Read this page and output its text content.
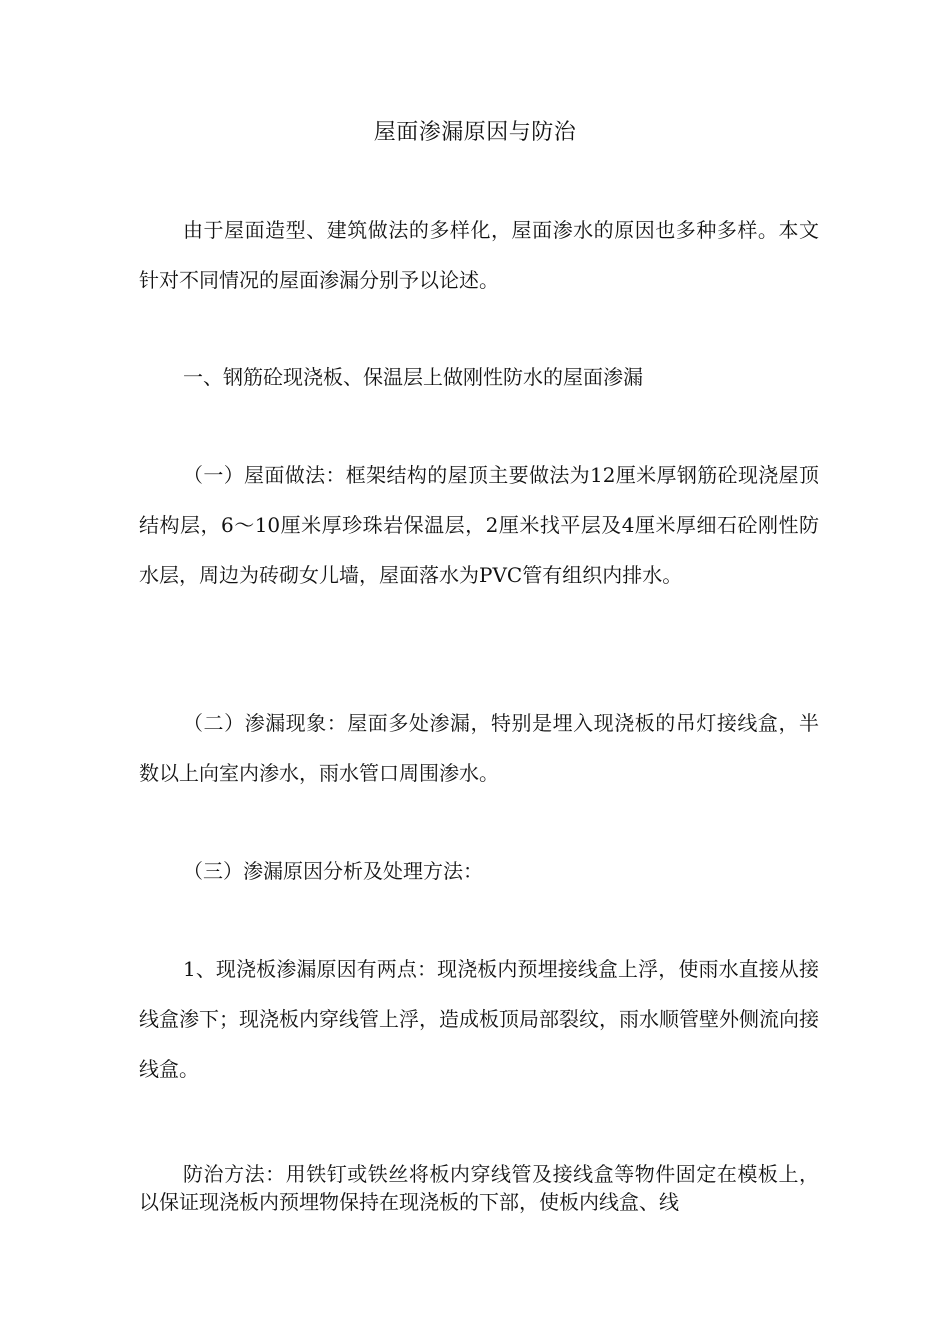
屋面渗漏原因与防治

由于屋面造型、建筑做法的多样化，屋面渗水的原因也多种多样。本文针对不同情况的屋面渗漏分别予以论述。

一、钢筋砼现浇板、保温层上做刚性防水的屋面渗漏

（一）屋面做法：框架结构的屋顶主要做法为12厘米厚钢筋砼现浇屋顶结构层，6～10厘米厚珍珠岩保温层，2厘米找平层及4厘米厚细石砼刚性防水层，周边为砖砌女儿墙，屋面落水为PVC管有组织内排水。

（二）渗漏现象：屋面多处渗漏，特别是埋入现浇板的吊灯接线盒，半数以上向室内渗水，雨水管口周围渗水。

（三）渗漏原因分析及处理方法：

1、现浇板渗漏原因有两点：现浇板内预埋接线盒上浮，使雨水直接从接线盒渗下；现浇板内穿线管上浮，造成板顶局部裂纹，雨水顺管壁外侧流向接线盒。

防治方法：用铁钉或铁丝将板内穿线管及接线盒等物件固定在模板上，以保证现浇板内预埋物保持在现浇板的下部，使板内线盒、线
